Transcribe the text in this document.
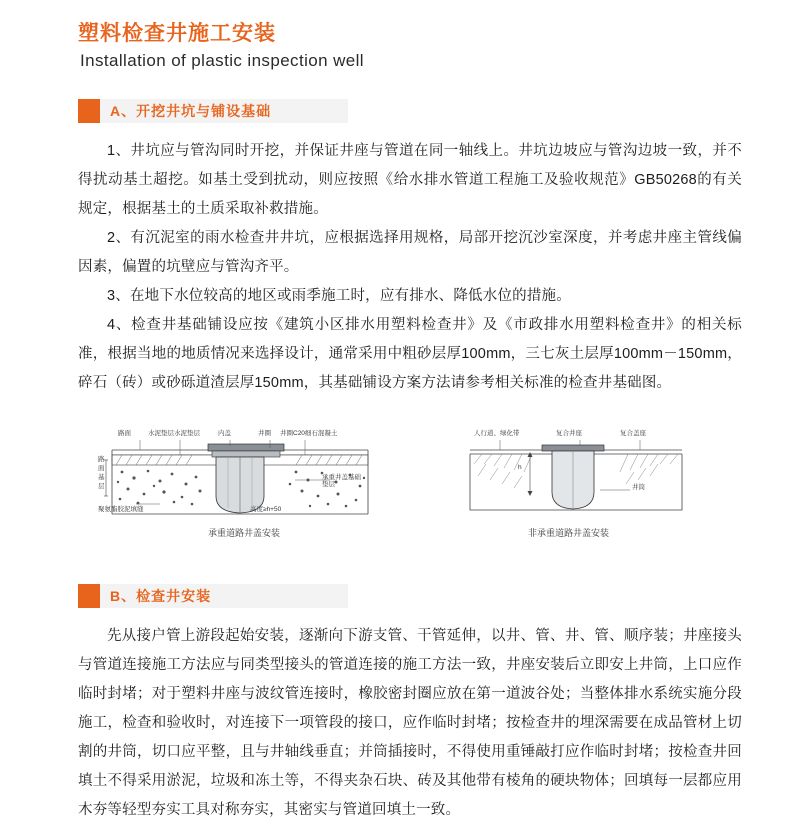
塑料检查井施工安装
Installation of plastic inspection well
A、开挖井坑与铺设基础

1、井坑应与管沟同时开挖，并保证井座与管道在同一轴线上。井坑边坡应与管沟边坡一致，并不得扰动基土超挖。如基土受到扰动，则应按照《给水排水管道工程施工及验收规范》GB50268的有关规定，根据基土的土质采取补救措施。

2、有沉泥室的雨水检查井井坑，应根据选择用规格，局部开挖沉沙室深度，并考虑井座主管线偏因素，偏置的坑壁应与管沟齐平。

3、在地下水位较高的地区或雨季施工时，应有排水、降低水位的措施。

4、检查井基础铺设应按《建筑小区排水用塑料检查井》及《市政排水用塑料检查井》的相关标准，根据当地的地质情况来选择设计，通常采用中粗砂层厚100mm，三七灰土层厚100mm－150mm，碎石（砖）或砂砾道渣层厚150mm，其基础铺设方案方法请参考相关标准的检查井基础图。

路面	水泥垫层水泥垫层	内盖	井圈 井圈C20细石混凝土
承重井盖基础垫层
聚氨酯胶泥填缝	高度≥h+50
路
面
基
层
承重道路井盖安装
人行道、绿化带	复合井座	复合盖座
井筒
h
非承重道路井盖安装
B、检查井安装

先从接户管上游段起始安装，逐渐向下游支管、干管延伸，以井、管、井、管、顺序装；井座接头与管道连接施工方法应与同类型接头的管道连接的施工方法一致，井座安装后立即安上井筒，上口应作临时封堵；对于塑料井座与波纹管连接时，橡胶密封圈应放在第一道波谷处；当整体排水系统实施分段施工，检查和验收时，对连接下一项管段的接口，应作临时封堵；按检查井的埋深需要在成品管材上切割的井筒，切口应平整，且与井轴线垂直；并筒插接时，不得使用重锤敲打应作临时封堵；按检查井回填土不得采用淤泥，垃圾和冻土等，不得夹杂石块、砖及其他带有棱角的硬块物体；回填每一层都应用木夯等轻型夯实工具对称夯实，其密实与管道回填土一致。
